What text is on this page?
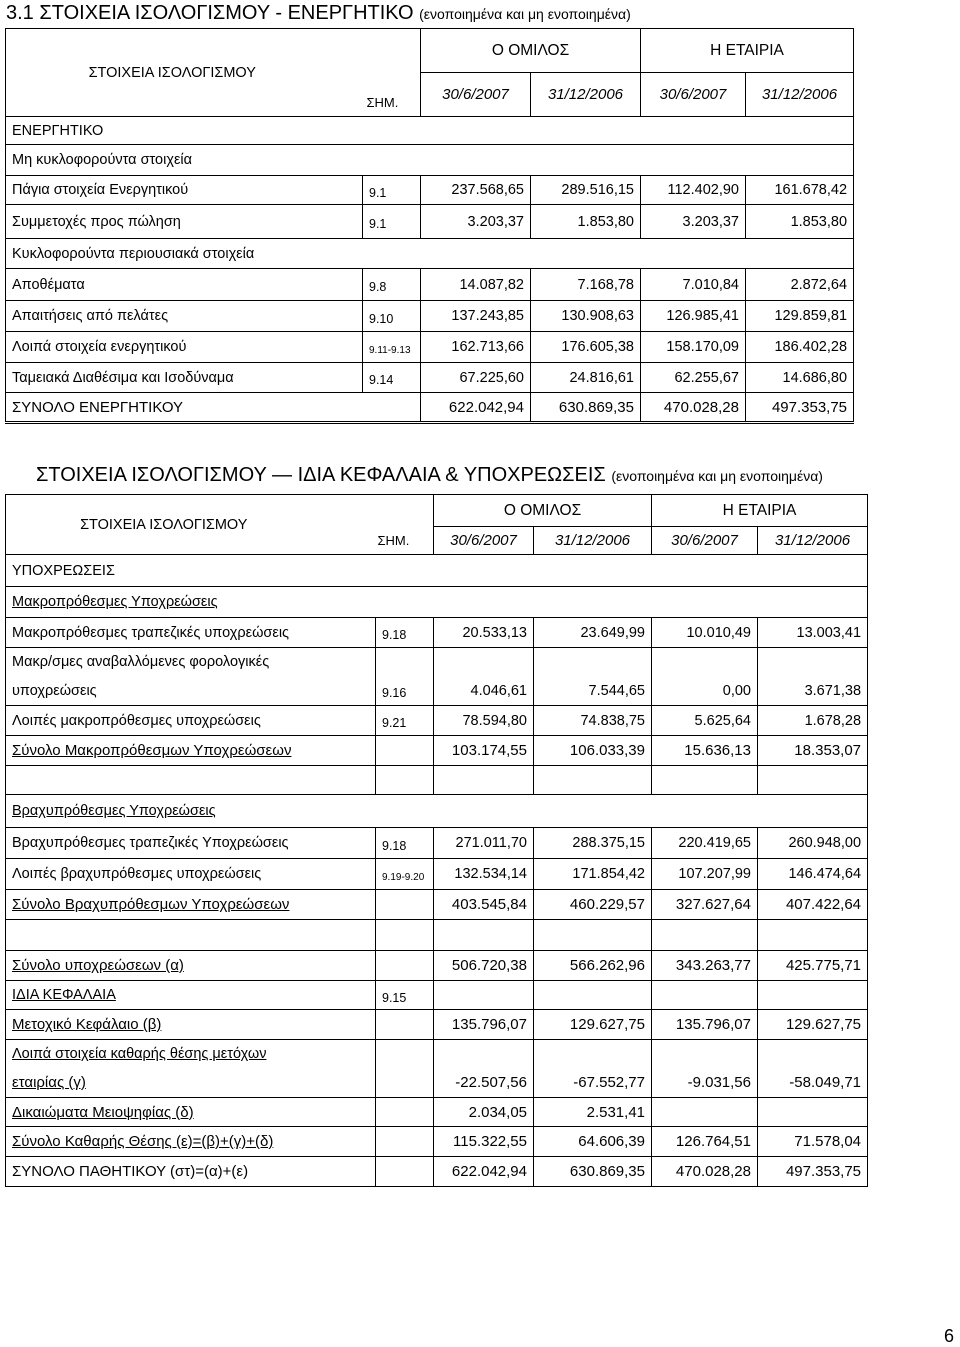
3.1 ΣΤΟΙΧΕΙΑ ΙΣΟΛΟΓΙΣΜΟΥ - ΕΝΕΡΓΗΤΙΚΟ (ενοποιημένα και μη ενοποιημένα)
ΣΤΟΙΧΕΙΑ ΙΣΟΛΟΓΙΣΜΟΥ	ΣΗΜ.	Ο ΟΜΙΛΟΣ		Η ΕΤΑΙΡΙΑ	
		30/6/2007	31/12/2006	30/6/2007	31/12/2006
ΕΝΕΡΓΗΤΙΚΟ					
Μη κυκλοφορούντα στοιχεία					
Πάγια στοιχεία Ενεργητικού	9.1	237.568,65	289.516,15	112.402,90	161.678,42
Συμμετοχές προς πώληση	9.1	3.203,37	1.853,80	3.203,37	1.853,80
Κυκλοφορούντα περιουσιακά στοιχεία					
Αποθέματα	9.8	14.087,82	7.168,78	7.010,84	2.872,64
Απαιτήσεις από πελάτες	9.10	137.243,85	130.908,63	126.985,41	129.859,81
Λοιπά στοιχεία ενεργητικού	9.11-9.13	162.713,66	176.605,38	158.170,09	186.402,28
Ταμειακά Διαθέσιμα και Ισοδύναμα	9.14	67.225,60	24.816,61	62.255,67	14.686,80
ΣΥΝΟΛΟ ΕΝΕΡΓΗΤΙΚΟΥ		622.042,94	630.869,35	470.028,28	497.353,75
ΣΤΟΙΧΕΙΑ ΙΣΟΛΟΓΙΣΜΟΥ — ΙΔΙΑ ΚΕΦΑΛΑΙΑ & ΥΠΟΧΡΕΩΣΕΙΣ (ενοποιημένα και μη ενοποιημένα)
ΣΤΟΙΧΕΙΑ ΙΣΟΛΟΓΙΣΜΟΥ	ΣΗΜ.	Ο ΟΜΙΛΟΣ		Η ΕΤΑΙΡΙΑ	
		30/6/2007	31/12/2006	30/6/2007	31/12/2006
ΥΠΟΧΡΕΩΣΕΙΣ					
Μακροπρόθεσμες Υποχρεώσεις					
Μακροπρόθεσμες τραπεζικές υποχρεώσεις	9.18	20.533,13	23.649,99	10.010,49	13.003,41
Μακρ/σμες αναβαλλόμενες φορολογικές					
υποχρεώσεις	9.16	4.046,61	7.544,65	0,00	3.671,38
Λοιπές μακροπρόθεσμες υποχρεώσεις	9.21	78.594,80	74.838,75	5.625,64	1.678,28
Σύνολο Μακροπρόθεσμων Υποχρεώσεων		103.174,55	106.033,39	15.636,13	18.353,07

Βραχυπρόθεσμες Υποχρεώσεις					
Βραχυπρόθεσμες τραπεζικές Υποχρεώσεις	9.18	271.011,70	288.375,15	220.419,65	260.948,00
Λοιπές βραχυπρόθεσμες υποχρεώσεις	9.19-9.20	132.534,14	171.854,42	107.207,99	146.474,64
Σύνολο Βραχυπρόθεσμων Υποχρεώσεων		403.545,84	460.229,57	327.627,64	407.422,64

Σύνολο υποχρεώσεων (α)		506.720,38	566.262,96	343.263,77	425.775,71
ΙΔΙΑ ΚΕΦΑΛΑΙΑ	9.15				
Μετοχικό Κεφάλαιο (β)		135.796,07	129.627,75	135.796,07	129.627,75
Λοιπά στοιχεία καθαρής θέσης μετόχων					
εταιρίας (γ)		-22.507,56	-67.552,77	-9.031,56	-58.049,71
Δικαιώματα Μειοψηφίας (δ)		2.034,05	2.531,41		
Σύνολο Καθαρής Θέσης (ε)=(β)+(γ)+(δ)		115.322,55	64.606,39	126.764,51	71.578,04
ΣΥΝΟΛΟ ΠΑΘΗΤΙΚΟΥ (στ)=(α)+(ε)		622.042,94	630.869,35	470.028,28	497.353,75
6
